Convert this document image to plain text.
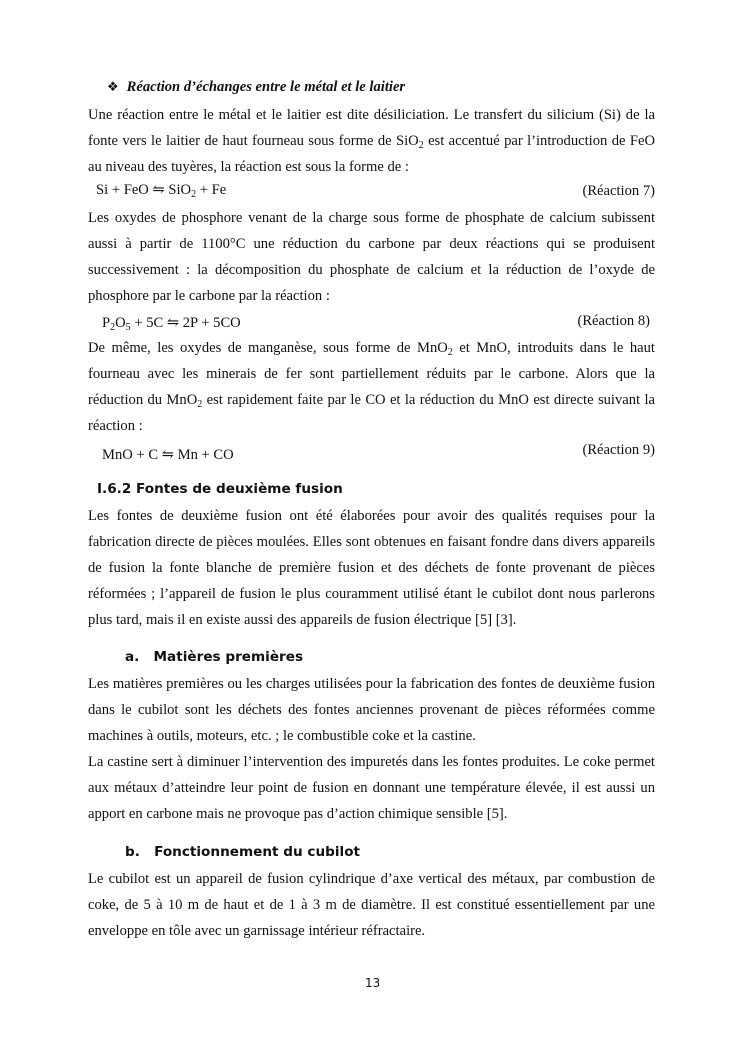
❖ Réaction d’échanges entre le métal et le laitier

Une réaction entre le métal et le laitier est dite désiliciation. Le transfert du silicium (Si) de la fonte vers le laitier de haut fourneau sous forme de SiO$_2$ est accentué par l’introduction de FeO au niveau des tuyères, la réaction est sous la forme de :

Si + FeO ⇋ SiO$_2$ + Fe	(Réaction 7)

Les oxydes de phosphore venant de la charge sous forme de phosphate de calcium subissent aussi à partir de 1100°C une réduction du carbone par deux réactions qui se produisent successivement : la décomposition du phosphate de calcium et la réduction de l’oxyde de phosphore par le carbone par la réaction :

$P_2O_5 + 5C$ ⇋ 2P + 5CO	(Réaction 8)

De même, les oxydes de manganèse, sous forme de MnO$_2$ et MnO, introduits dans le haut fourneau avec les minerais de fer sont partiellement réduits par le carbone. Alors que la réduction du MnO$_2$ est rapidement faite par le CO et la réduction du MnO est directe suivant la réaction :

MnO + C ⇋ Mn + CO	(Réaction 9)
I.6.2 Fontes de deuxième fusion

Les fontes de deuxième fusion ont été élaborées pour avoir des qualités requises pour la fabrication directe de pièces moulées. Elles sont obtenues en faisant fondre dans divers appareils de fusion la fonte blanche de première fusion et des déchets de fonte provenant de pièces réformées ; l’appareil de fusion le plus couramment utilisé étant le cubilot dont nous parlerons plus tard, mais il en existe aussi des appareils de fusion électrique [5] [3].

a.   Matières premières

Les matières premières ou les charges utilisées pour la fabrication des fontes de deuxième fusion dans le cubilot sont les déchets des fontes anciennes provenant de pièces réformées comme machines à outils, moteurs, etc. ; le combustible coke et la castine.

La castine sert à diminuer l’intervention des impuretés dans les fontes produites. Le coke permet aux métaux d’atteindre leur point de fusion en donnant une température élevée, il est aussi un apport en carbone mais ne provoque pas d’action chimique sensible [5].

b.   Fonctionnement du cubilot

Le cubilot est un appareil de fusion cylindrique d’axe vertical des métaux, par combustion de coke, de 5 à 10 m de haut et de 1 à 3 m de diamètre. Il est constitué essentiellement par une enveloppe en tôle avec un garnissage intérieur réfractaire.

13
